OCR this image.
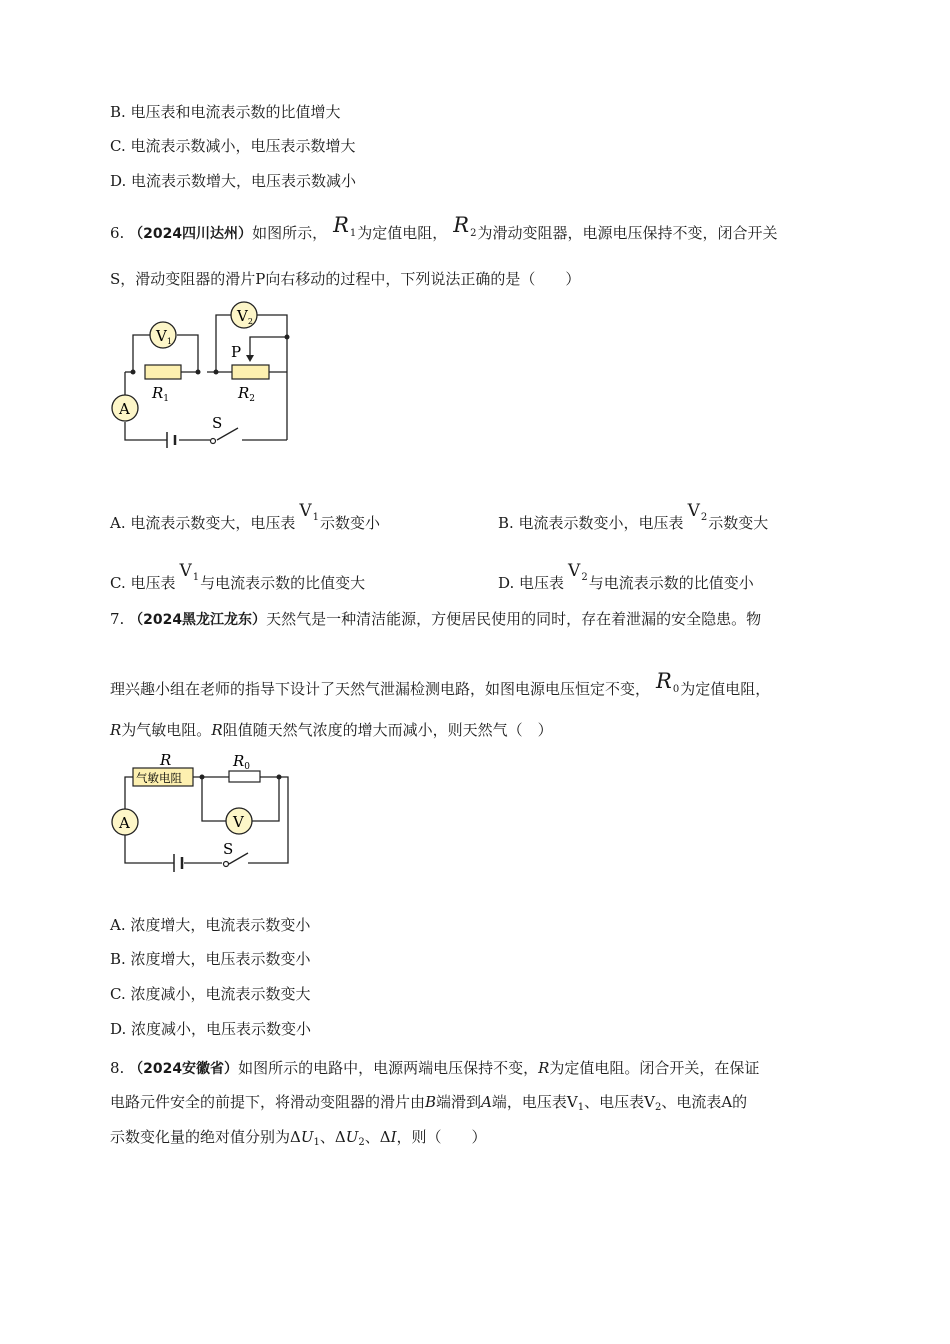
B. 电压表和电流表示数的比值增大
C. 电流表示数减小，电压表示数增大
D. 电流表示数增大，电压表示数减小
6. （2024四川达州）如图所示， $R_1$为定值电阻， $R_2$为滑动变阻器，电源电压保持不变，闭合开关
S，滑动变阻器的滑片P向右移动的过程中，下列说法正确的是（　　）
$V_1$
$V_2$
A
P
S
$R_1$	$R_2$
A. 电流表示数变大，电压表$V_1$示数变小	B. 电流表示数变小，电压表$V_2$示数变大
C. 电压表$V_1$与电流表示数的比值变大	D. 电压表$V_2$与电流表示数的比值变小
7. （2024黑龙江龙东）天然气是一种清洁能源，方便居民使用的同时，存在着泄漏的安全隐患。物
理兴趣小组在老师的指导下设计了天然气泄漏检测电路，如图电源电压恒定不变， $R_0$为定值电阻，
R为气敏电阻。R阻值随天然气浓度的增大而减小，则天然气（　）
气敏电阻
A	V
R	$R_0$
S
A. 浓度增大，电流表示数变小
B. 浓度增大，电压表示数变小
C. 浓度减小，电流表示数变大
D. 浓度减小，电压表示数变小
8. （2024安徽省）如图所示的电路中，电源两端电压保持不变，R为定值电阻。闭合开关，在保证
电路元件安全的前提下，将滑动变阻器的滑片由B端滑到A端，电压表$V_1$、电压表$V_2$、电流表A的
示数变化量的绝对值分别为$\Delta U_1$、$\Delta U_2$、ΔI，则（　　）
